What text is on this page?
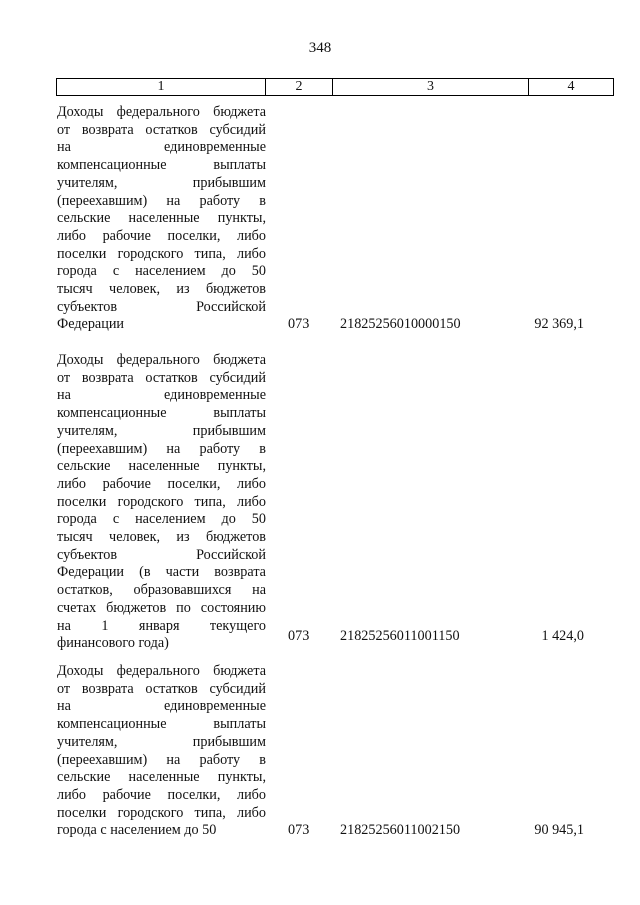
348
1	2	3	4
Доходы федерального бюджета
от возврата остатков субсидий
на единовременные
компенсационные выплаты
учителям, прибывшим
(переехавшим) на работу в
сельские населенные пункты,
либо рабочие поселки, либо
поселки городского типа, либо
города с населением до 50
тысяч человек, из бюджетов
субъектов Российской
Федерации	073 21825256010000150	92 369,1
Доходы федерального бюджета
от возврата остатков субсидий
на единовременные
компенсационные выплаты
учителям, прибывшим
(переехавшим) на работу в
сельские населенные пункты,
либо рабочие поселки, либо
поселки городского типа, либо
города с населением до 50
тысяч человек, из бюджетов
субъектов Российской
Федерации (в части возврата
остатков, образовавшихся на
счетах бюджетов по состоянию
на 1 января текущего
финансового года)	073 21825256011001150	1 424,0
Доходы федерального бюджета
от возврата остатков субсидий
на единовременные
компенсационные выплаты
учителям, прибывшим
(переехавшим) на работу в
сельские населенные пункты,
либо рабочие поселки, либо
поселки городского типа, либо
города с населением до 50	073 21825256011002150	90 945,1
